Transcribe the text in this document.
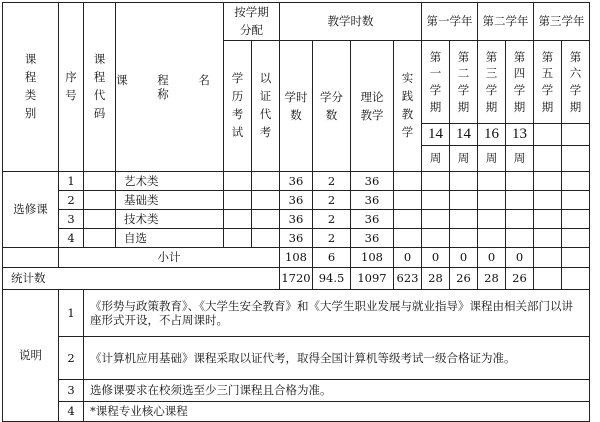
课程类别	序号	课程代码	课 程 名 称	按学期分配		教学时数				第一学年		第二学年		第三学年	
				学历考试	以证代考	学时数	学分数	理论教学	实践教学	第一学期	第二学期	第三学期	第四学期	第五学期	第六学期
										14	14	16	13		
										周	周	周	周		
选修课	1		艺术类			36	2	36							
	2		基础类			36	2	36							
	3		技术类			36	2	36							
	4		自选			36	2	36							
	小计					108	6	108	0	0	0	0	0		
统计数						1720	94.5	1097	623	28	26	28	26		
说明	1	《形势与政策教育》、《大学生安全教育》和《大学生职业发展与就业指导》课程由相关部门以讲座形式开设，不占周课时。													
	2	《计算机应用基础》课程采取以证代考，取得全国计算机等级考试一级合格证为准。													
	3	选修课要求在校须选至少三门课程且合格为准。													
	4	*课程专业核心课程													
